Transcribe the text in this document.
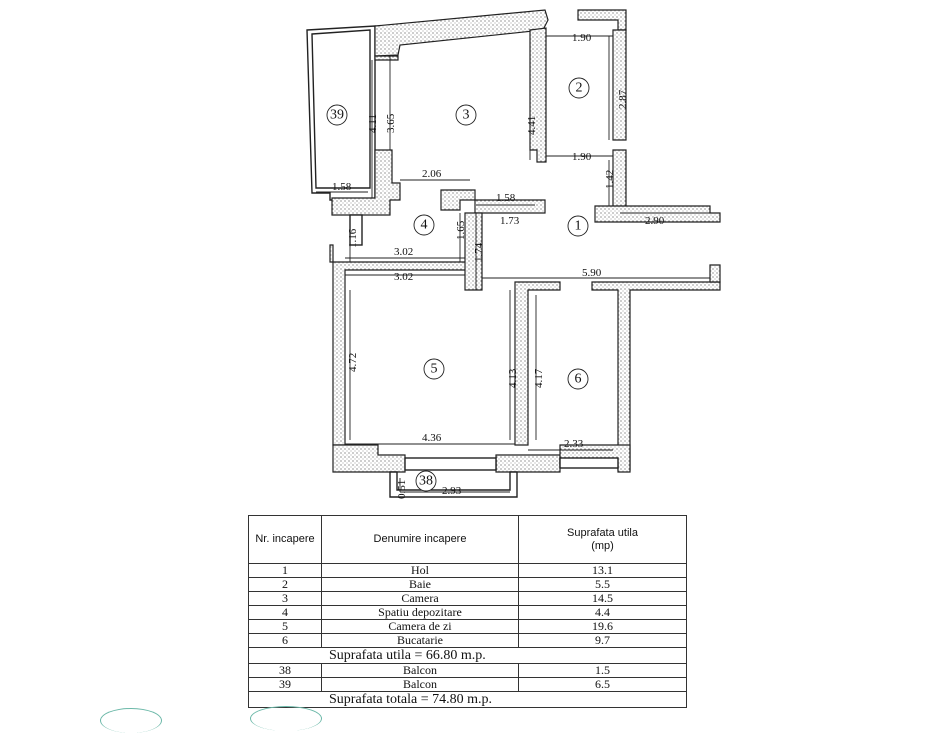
1.90
2.87
4.41
3.65
4.11
1.90
1.42
2.06
1.58
1.58
1.73	2.90
1.65
1.16
3.02	1.74
3.02	5.90
4.72
4.13 4.17
4.36	2.33
0.51	2.93
39	3
2
4	1
5
6
38
Nr. incapere	Denumire incapere	Suprafata utila
(mp)
1	Hol	13.1
2	Baie	5.5
3	Camera	14.5
4	Spatiu depozitare	4.4
5	Camera de zi	19.6
6	Bucatarie	9.7
Suprafata utila = 66.80 m.p.		
38	Balcon	1.5
39	Balcon	6.5
Suprafata totala = 74.80 m.p.		
